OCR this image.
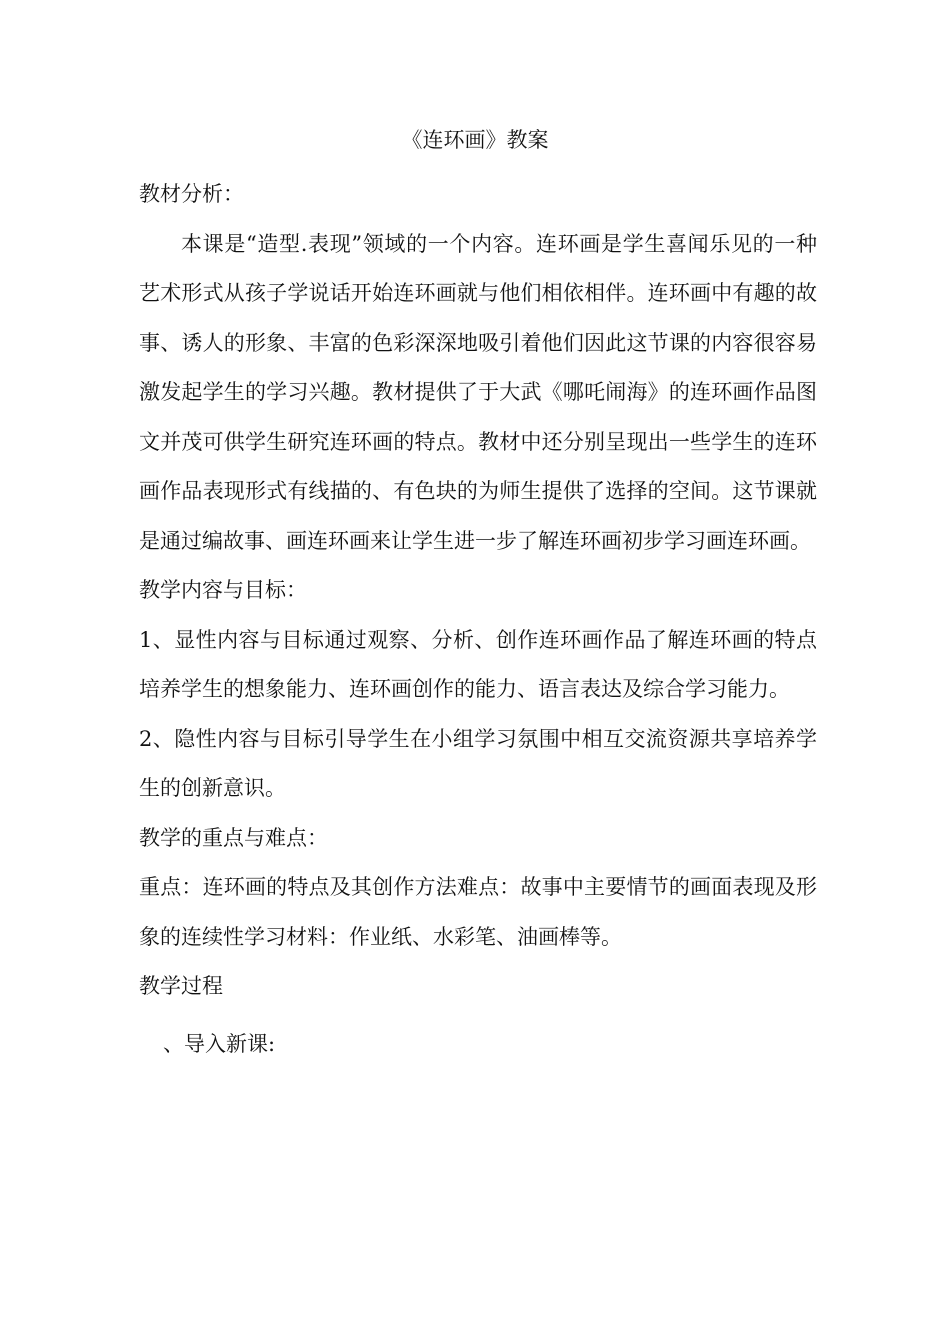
《连环画》教案

教材分析：

本课是“造型.表现”领域的一个内容。连环画是学生喜闻乐见的一种艺术形式从孩子学说话开始连环画就与他们相依相伴。连环画中有趣的故事、诱人的形象、丰富的色彩深深地吸引着他们因此这节课的内容很容易激发起学生的学习兴趣。教材提供了于大武《哪吒闹海》的连环画作品图文并茂可供学生研究连环画的特点。教材中还分别呈现出一些学生的连环画作品表现形式有线描的、有色块的为师生提供了选择的空间。这节课就是通过编故事、画连环画来让学生进一步了解连环画初步学习画连环画。

教学内容与目标：

1、显性内容与目标通过观察、分析、创作连环画作品了解连环画的特点培养学生的想象能力、连环画创作的能力、语言表达及综合学习能力。

2、隐性内容与目标引导学生在小组学习氛围中相互交流资源共享培养学生的创新意识。

教学的重点与难点：

重点：连环画的特点及其创作方法难点：故事中主要情节的画面表现及形象的连续性学习材料：作业纸、水彩笔、油画棒等。

教学过程

、导入新课:
